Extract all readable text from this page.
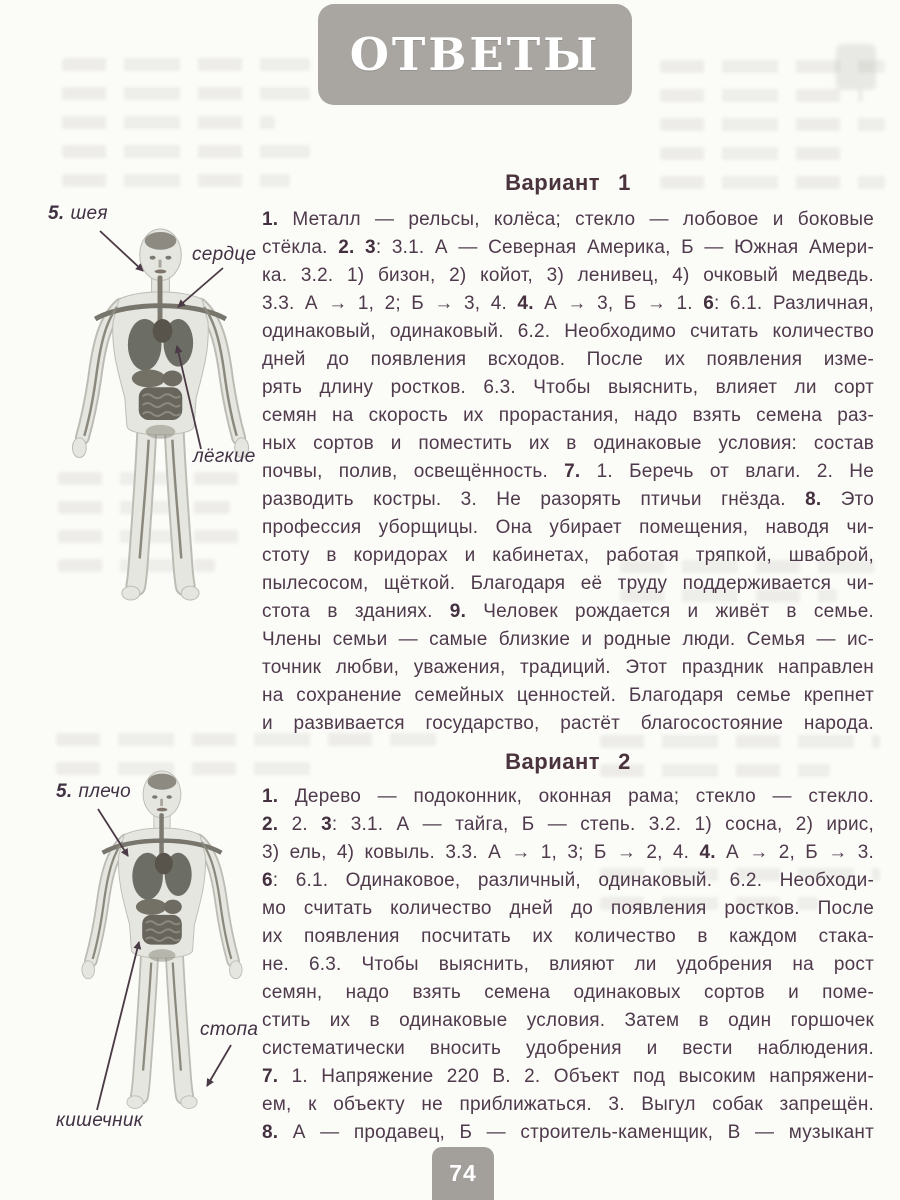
ОТВЕТЫ
Вариант 1
1. Металл — рельсы, колёса; стекло — лобовое и боковые
стёкла. 2. 3: 3.1. А — Северная Америка, Б — Южная Амери-
ка. 3.2. 1) бизон, 2) койот, 3) ленивец, 4) очковый медведь.
3.3. А → 1, 2; Б → 3, 4. 4. А → 3, Б → 1. 6: 6.1. Различная,
одинаковый, одинаковый. 6.2. Необходимо считать количество
дней до появления всходов. После их появления изме-
рять длину ростков. 6.3. Чтобы выяснить, влияет ли сорт
семян на скорость их прорастания, надо взять семена раз-
ных сортов и поместить их в одинаковые условия: состав
почвы, полив, освещённость. 7. 1. Беречь от влаги. 2. Не
разводить костры. 3. Не разорять птичьи гнёзда. 8. Это
профессия уборщицы. Она убирает помещения, наводя чи-
стоту в коридорах и кабинетах, работая тряпкой, шваброй,
пылесосом, щёткой. Благодаря её труду поддерживается чи-
стота в зданиях. 9. Человек рождается и живёт в семье.
Члены семьи — самые близкие и родные люди. Семья — ис-
точник любви, уважения, традиций. Этот праздник направлен
на сохранение семейных ценностей. Благодаря семье крепнет
и развивается государство, растёт благосостояние народа.
Вариант 2
1. Дерево — подоконник, оконная рама; стекло — стекло.
2. 2. 3: 3.1. А — тайга, Б — степь. 3.2. 1) сосна, 2) ирис,
3) ель, 4) ковыль. 3.3. А → 1, 3; Б → 2, 4. 4. А → 2, Б → 3.
6: 6.1. Одинаковое, различный, одинаковый. 6.2. Необходи-
мо считать количество дней до появления ростков. После
их появления посчитать их количество в каждом стака-
не. 6.3. Чтобы выяснить, влияют ли удобрения на рост
семян, надо взять семена одинаковых сортов и поме-
стить их в одинаковые условия. Затем в один горшочек
систематически вносить удобрения и вести наблюдения.
7. 1. Напряжение 220 В. 2. Объект под высоким напряжени-
ем, к объекту не приближаться. 3. Выгул собак запрещён.
8. А — продавец, Б — строитель-каменщик, В — музыкант
5. шея
сердце
лёгкие
5. плечо
стопа
кишечник
74
